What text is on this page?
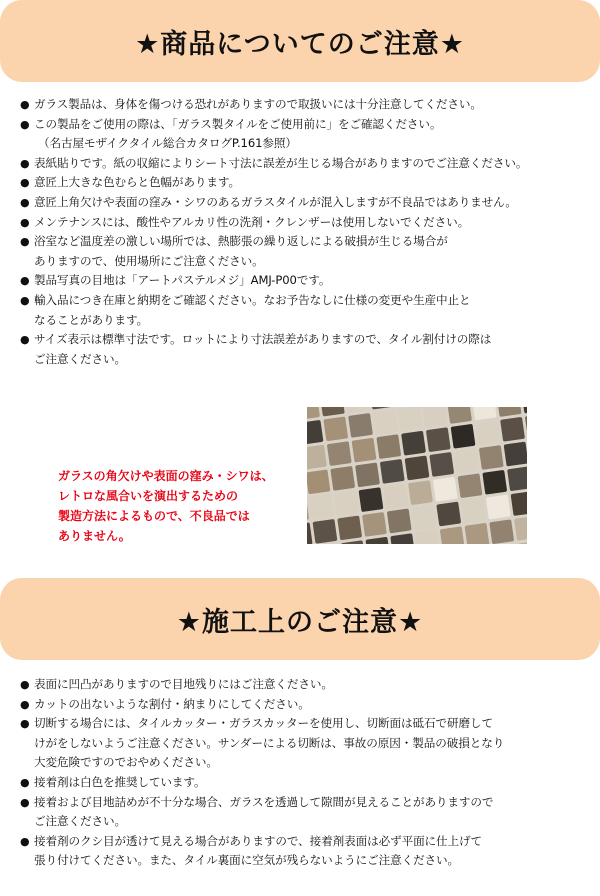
★商品についてのご注意★
● ガラス製品は、身体を傷つける恐れがありますので取扱いには十分注意してください。
● この製品をご使用の際は、「ガラス製タイルをご使用前に」をご確認ください。
（名古屋モザイクタイル総合カタログP.161参照）
● 表紙貼りです。紙の収縮によりシート寸法に誤差が生じる場合がありますのでご注意ください。
● 意匠上大きな色むらと色幅があります。
● 意匠上角欠けや表面の窪み・シワのあるガラスタイルが混入しますが不良品ではありません。
● メンテナンスには、酸性やアルカリ性の洗剤・クレンザーは使用しないでください。
● 浴室など温度差の激しい場所では、熱膨張の繰り返しによる破損が生じる場合が
ありますので、使用場所にご注意ください。
● 製品写真の目地は「アートパステルメジ」AMJ-P00です。
● 輸入品につき在庫と納期をご確認ください。なお予告なしに仕様の変更や生産中止と
なることがあります。
● サイズ表示は標準寸法です。ロットにより寸法誤差がありますので、タイル割付けの際は
ご注意ください。
ガラスの角欠けや表面の窪み・シワは、
レトロな風合いを演出するための
製造方法によるもので、不良品では
ありません。
★施工上のご注意★
● 表面に凹凸がありますので目地残りにはご注意ください。
● カットの出ないような割付・納まりにしてください。
● 切断する場合には、タイルカッター・ガラスカッターを使用し、切断面は砥石で研磨して
けがをしないようご注意ください。サンダーによる切断は、事故の原因・製品の破損となり
大変危険ですのでおやめください。
● 接着剤は白色を推奨しています。
● 接着および目地詰めが不十分な場合、ガラスを透過して隙間が見えることがありますので
ご注意ください。
● 接着剤のクシ目が透けて見える場合がありますので、接着剤表面は必ず平面に仕上げて
張り付けてください。また、タイル裏面に空気が残らないようにご注意ください。
